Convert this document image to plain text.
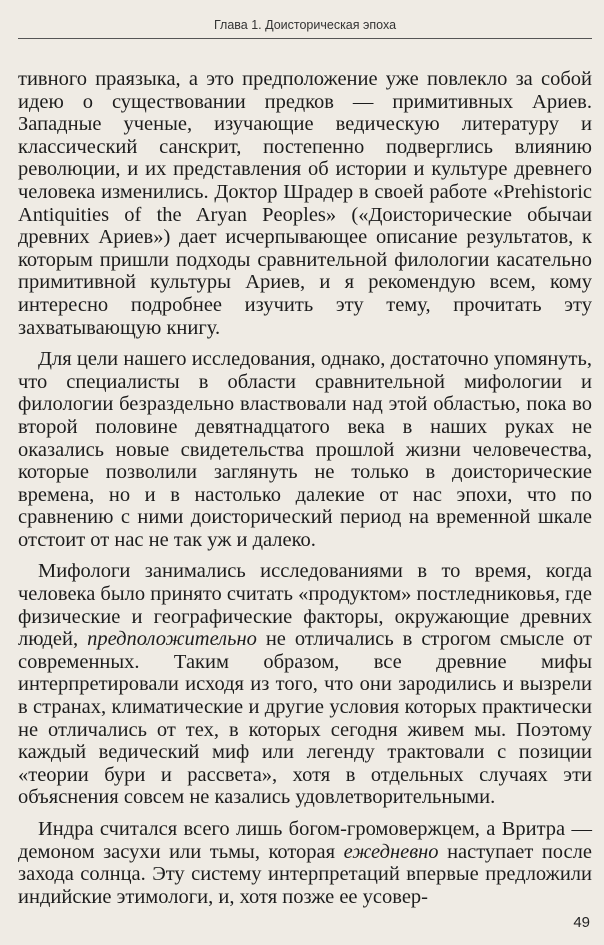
Глава 1. Доисторическая эпоха

тивного праязыка, а это предположение уже повлекло за собой идею о существовании предков — примитивных Ариев. Западные ученые, изучающие ведическую литературу и классический санскрит, постепенно подверглись влиянию революции, и их представления об истории и культуре древнего человека изменились. Доктор Шрадер в своей работе «Prehistoric Antiquities of the Aryan Peoples» («Доисторические обычаи древних Ариев») дает исчерпывающее описание результатов, к которым пришли подходы сравнительной филологии касательно примитивной культуры Ариев, и я рекомендую всем, кому интересно подробнее изучить эту тему, прочитать эту захватывающую книгу.

Для цели нашего исследования, однако, достаточно упомянуть, что специалисты в области сравнительной мифологии и филологии безраздельно властвовали над этой областью, пока во второй половине девятнадцатого века в наших руках не оказались новые свидетельства прошлой жизни человечества, которые позволили заглянуть не только в доисторические времена, но и в настолько далекие от нас эпохи, что по сравнению с ними доисторический период на временной шкале отстоит от нас не так уж и далеко.

Мифологи занимались исследованиями в то время, когда человека было принято считать «продуктом» постледниковья, где физические и географические факторы, окружающие древних людей, предположительно не отличались в строгом смысле от современных. Таким образом, все древние мифы интерпретировали исходя из того, что они зародились и вызрели в странах, климатические и другие условия которых практически не отличались от тех, в которых сегодня живем мы. Поэтому каждый ведический миф или легенду трактовали с позиции «теории бури и рассвета», хотя в отдельных случаях эти объяснения совсем не казались удовлетворительными.

Индра считался всего лишь богом-громовержцем, а Вритра — демоном засухи или тьмы, которая ежедневно наступает после захода солнца. Эту систему интерпретаций впервые предложили индийские этимологи, и, хотя позже ее усовер-

49
